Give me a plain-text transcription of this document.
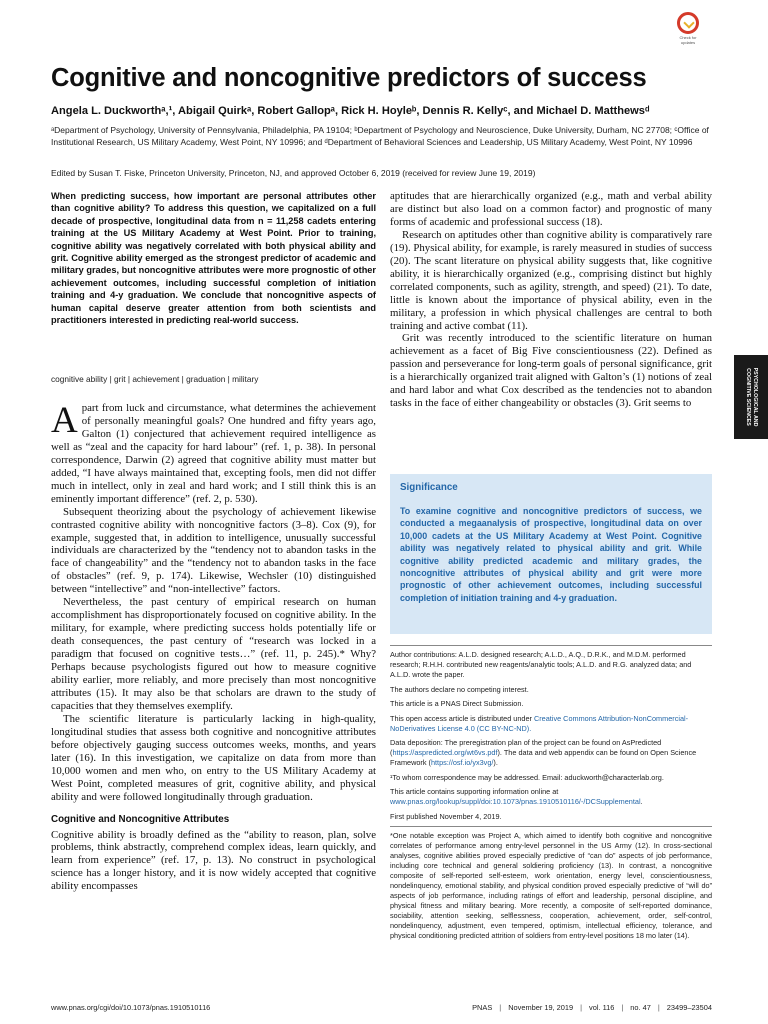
Check for updates
Cognitive and noncognitive predictors of success
Angela L. Duckworthᵃ,¹, Abigail Quirkᵃ, Robert Gallopᵃ, Rick H. Hoyleᵇ, Dennis R. Kellyᶜ, and Michael D. Matthewsᵈ
ᵃDepartment of Psychology, University of Pennsylvania, Philadelphia, PA 19104; ᵇDepartment of Psychology and Neuroscience, Duke University, Durham, NC 27708; ᶜOffice of Institutional Research, US Military Academy, West Point, NY 10996; and ᵈDepartment of Behavioral Sciences and Leadership, US Military Academy, West Point, NY 10996
Edited by Susan T. Fiske, Princeton University, Princeton, NJ, and approved October 6, 2019 (received for review June 19, 2019)
When predicting success, how important are personal attributes other than cognitive ability? To address this question, we capitalized on a full decade of prospective, longitudinal data from n = 11,258 cadets entering training at the US Military Academy at West Point. Prior to training, cognitive ability was negatively correlated with both physical ability and grit. Cognitive ability emerged as the strongest predictor of academic and military grades, but noncognitive attributes were more prognostic of other achievement outcomes, including successful completion of initiation training and 4-y graduation. We conclude that noncognitive aspects of human capital deserve greater attention from both scientists and practitioners interested in predicting real-world success.
cognitive ability | grit | achievement | graduation | military

Apart from luck and circumstance, what determines the achievement of personally meaningful goals? One hundred and fifty years ago, Galton (1) conjectured that achievement required intelligence as well as “zeal and the capacity for hard labour” (ref. 1, p. 38). In personal correspondence, Darwin (2) agreed that cognitive ability must matter but added, “I have always maintained that, excepting fools, men did not differ much in intellect, only in zeal and hard work; and I still think this is an eminently important difference” (ref. 2, p. 530).

Subsequent theorizing about the psychology of achievement likewise contrasted cognitive ability with noncognitive factors (3–8). Cox (9), for example, suggested that, in addition to intelligence, unusually successful individuals are characterized by the “tendency not to abandon tasks in the face of changeability” and the “tendency not to abandon tasks in the face of obstacles” (ref. 9, p. 174). Likewise, Wechsler (10) distinguished between “intellective” and “non-intellective” factors.

Nevertheless, the past century of empirical research on human accomplishment has disproportionately focused on cognitive ability. In the military, for example, where predicting success holds potentially life or death consequences, the past century of “research was locked in a paradigm that focused on cognitive tests…” (ref. 11, p. 245).* Why? Perhaps because psychologists figured out how to measure cognitive ability earlier, more reliably, and more precisely than most noncognitive attributes (15). It may also be that scholars are drawn to the study of capacities that they themselves exemplify.

The scientific literature is particularly lacking in high-quality, longitudinal studies that assess both cognitive and noncognitive attributes before objectively gauging success outcomes weeks, months, and years later (16). In this investigation, we capitalize on data from more than 10,000 women and men who, on entry to the US Military Academy at West Point, completed measures of grit, cognitive ability, and physical ability and were followed longitudinally through graduation.

Cognitive and Noncognitive Attributes

Cognitive ability is broadly defined as the “ability to reason, plan, solve problems, think abstractly, comprehend complex ideas, learn quickly, and learn from experience” (ref. 17, p. 13). No construct in psychological science has a longer history, and it is now widely accepted that cognitive ability encompasses

aptitudes that are hierarchically organized (e.g., math and verbal ability are distinct but also load on a common factor) and prognostic of many forms of academic and professional success (18).

Research on aptitudes other than cognitive ability is comparatively rare (19). Physical ability, for example, is rarely measured in studies of success (20). The scant literature on physical ability suggests that, like cognitive ability, it is hierarchically organized (e.g., comprising distinct but highly correlated components, such as agility, strength, and speed) (21). To date, little is known about the importance of physical ability, even in the military, a profession in which physical challenges are central to both training and active combat (11).

Grit was recently introduced to the scientific literature on human achievement as a facet of Big Five conscientiousness (22). Defined as passion and perseverance for long-term goals of personal significance, grit is a hierarchically organized trait aligned with Galton’s (1) notions of zeal and hard labor and what Cox described as the tendencies not to abandon tasks in the face of either changeability or obstacles (3). Grit seems to	PSYCHOLOGICAL AND
COGNITIVE SCIENCES
Significance
To examine cognitive and noncognitive predictors of success, we conducted a megaanalysis of prospective, longitudinal data on over 10,000 cadets at the US Military Academy at West Point. Cognitive ability was negatively related to physical ability and grit. While cognitive ability predicted academic and military grades, the noncognitive attributes of physical ability and grit were more prognostic of other achievement outcomes, including successful completion of initiation training and 4-y graduation.

Author contributions: A.L.D. designed research; A.L.D., A.Q., D.R.K., and M.D.M. performed research; R.H.H. contributed new reagents/analytic tools; A.L.D. and R.G. analyzed data; and A.L.D. wrote the paper.

The authors declare no competing interest.

This article is a PNAS Direct Submission.

This open access article is distributed under Creative Commons Attribution-NonCommercial-NoDerivatives License 4.0 (CC BY-NC-ND).

Data deposition: The preregistration plan of the project can be found on AsPredicted (https://aspredicted.org/wt6vs.pdf). The data and web appendix can be found on Open Science Framework (https://osf.io/yx3vg/).

¹To whom correspondence may be addressed. Email: aduckworth@characterlab.org.

This article contains supporting information online at www.pnas.org/lookup/suppl/doi:10.1073/pnas.1910510116/-/DCSupplemental.

First published November 4, 2019.

*One notable exception was Project A, which aimed to identify both cognitive and noncognitive correlates of performance among entry-level personnel in the US Army (12). In cross-sectional analyses, cognitive abilities proved especially predictive of “can do” aspects of job performance, including core technical and general soldiering proficiency (13). In contrast, a noncognitive composite of self-reported self-esteem, work orientation, energy level, conscientiousness, nondelinquency, emotional stability, and physical condition proved especially predictive of “will do” aspects of job performance, including ratings of effort and leadership, personal discipline, and physical fitness and military bearing. More recently, a composite of self-reported dominance, sociability, attention seeking, selflessness, cooperation, achievement, order, self-control, nondelinquency, adjustment, even tempered, optimism, intellectual efficiency, tolerance, and physical conditioning predicted attrition of soldiers from entry-level positions 18 mo later (14).

www.pnas.org/cgi/doi/10.1073/pnas.1910510116	PNAS | November 19, 2019 | vol. 116 | no. 47 | 23499–23504
